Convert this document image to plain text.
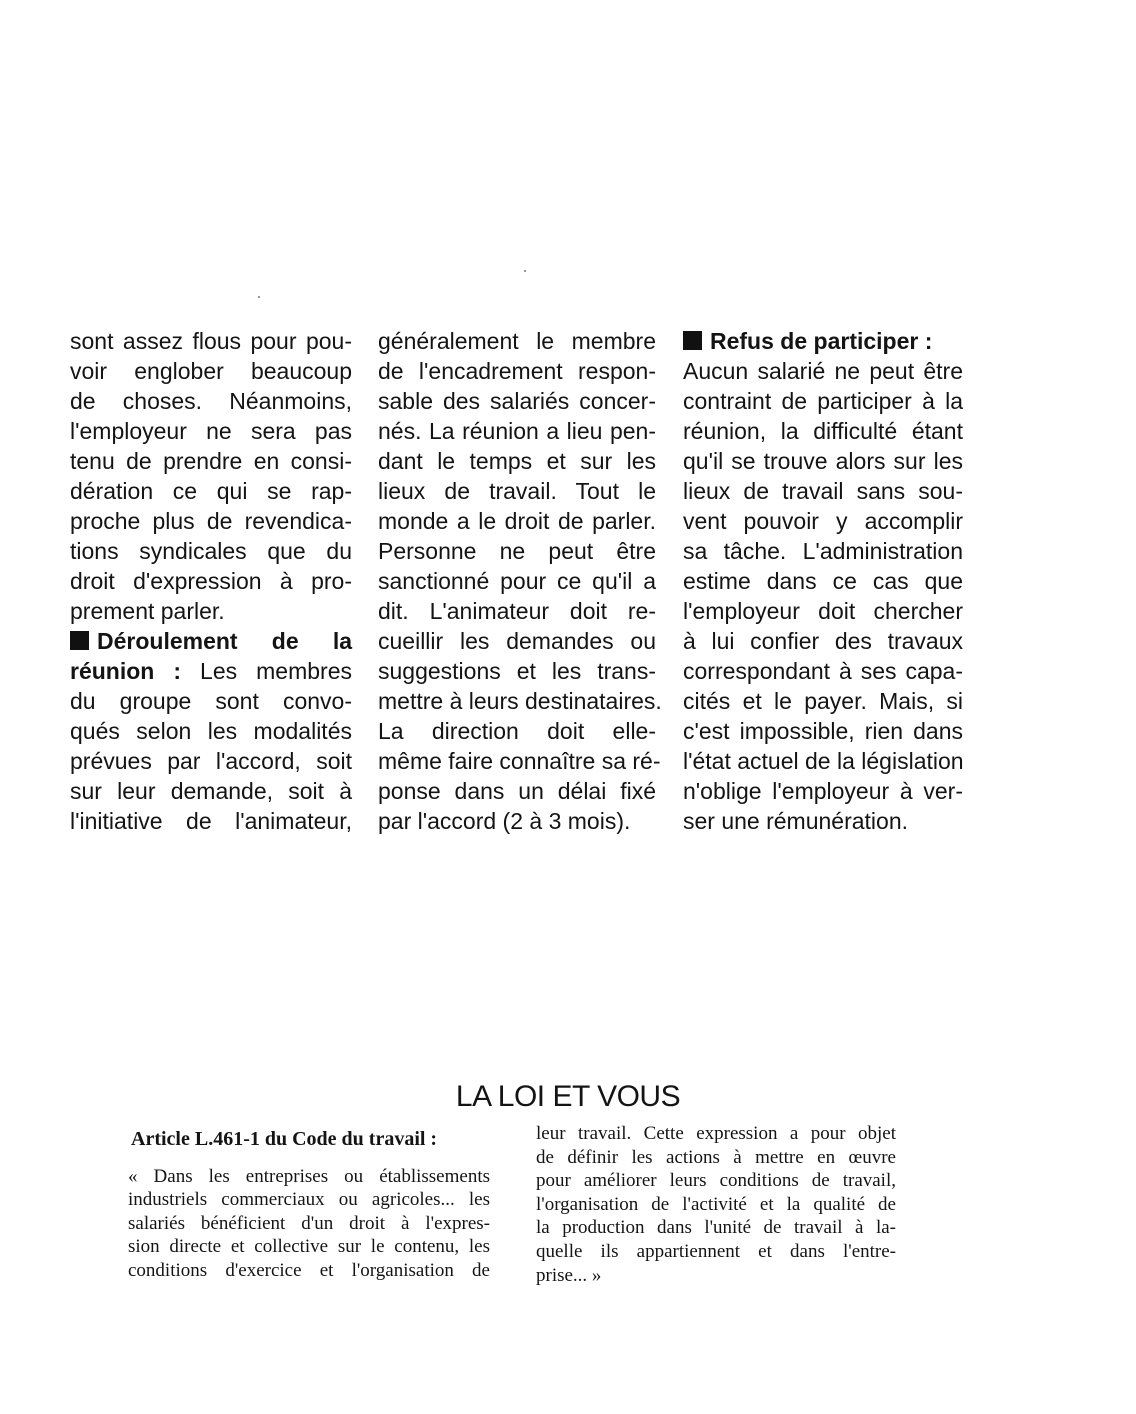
sont assez flous pour pou-
voir englober beaucoup
de choses. Néanmoins,
l'employeur ne sera pas
tenu de prendre en consi-
dération ce qui se rap-
proche plus de revendica-
tions syndicales que du
droit d'expression à pro-
prement parler.
Déroulement de la
réunion : Les membres
du groupe sont convo-
qués selon les modalités
prévues par l'accord, soit
sur leur demande, soit à
l'initiative de l'animateur,
généralement le membre
de l'encadrement respon-
sable des salariés concer-
nés. La réunion a lieu pen-
dant le temps et sur les
lieux de travail. Tout le
monde a le droit de parler.
Personne ne peut être
sanctionné pour ce qu'il a
dit. L'animateur doit re-
cueillir les demandes ou
suggestions et les trans-
mettre à leurs destinataires.
La direction doit elle-
même faire connaître sa ré-
ponse dans un délai fixé
par l'accord (2 à 3 mois).
Refus de participer :
Aucun salarié ne peut être
contraint de participer à la
réunion, la difficulté étant
qu'il se trouve alors sur les
lieux de travail sans sou-
vent pouvoir y accomplir
sa tâche. L'administration
estime dans ce cas que
l'employeur doit chercher
à lui confier des travaux
correspondant à ses capa-
cités et le payer. Mais, si
c'est impossible, rien dans
l'état actuel de la législation
n'oblige l'employeur à ver-
ser une rémunération.
LA LOI ET VOUS
Article L.461-1 du Code du travail :
« Dans les entreprises ou établissements
industriels commerciaux ou agricoles... les
salariés bénéficient d'un droit à l'expres-
sion directe et collective sur le contenu, les
conditions d'exercice et l'organisation de
leur travail. Cette expression a pour objet
de définir les actions à mettre en œuvre
pour améliorer leurs conditions de travail,
l'organisation de l'activité et la qualité de
la production dans l'unité de travail à la-
quelle ils appartiennent et dans l'entre-
prise... »
